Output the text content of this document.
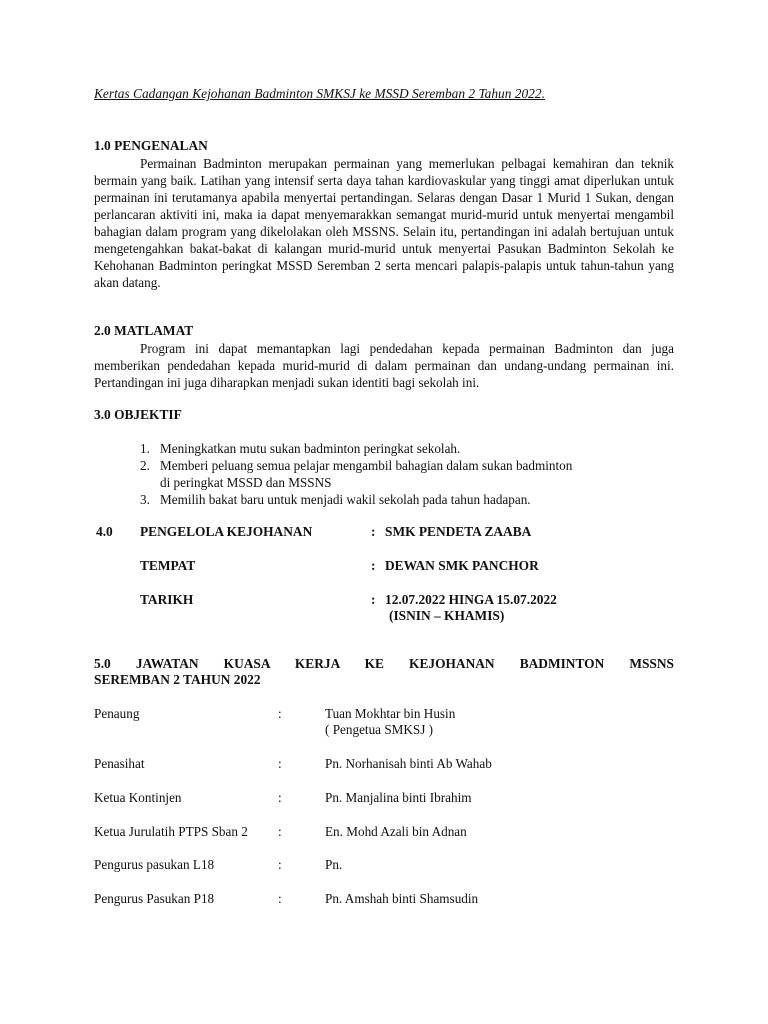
Kertas Cadangan Kejohanan Badminton SMKSJ ke MSSD Seremban 2 Tahun 2022.
1.0 PENGENALAN

Permainan Badminton merupakan permainan yang memerlukan pelbagai kemahiran dan teknik bermain yang baik. Latihan yang intensif serta daya tahan kardiovaskular yang tinggi amat diperlukan untuk permainan ini terutamanya apabila menyertai pertandingan. Selaras dengan Dasar 1 Murid 1 Sukan, dengan perlancaran aktiviti ini, maka ia dapat menyemarakkan semangat murid-murid untuk menyertai mengambil bahagian dalam program yang dikelolakan oleh MSSNS. Selain itu, pertandingan ini adalah bertujuan untuk mengetengahkan bakat-bakat di kalangan murid-murid untuk menyertai Pasukan Badminton Sekolah ke Kehohanan Badminton peringkat MSSD Seremban 2 serta mencari palapis-palapis untuk tahun-tahun yang akan datang.

2.0 MATLAMAT

Program ini dapat memantapkan lagi pendedahan kepada permainan Badminton dan juga memberikan pendedahan kepada murid-murid di dalam permainan dan undang-undang permainan ini. Pertandingan ini juga diharapkan menjadi sukan identiti bagi sekolah ini.

3.0 OBJEKTIF
1. Meningkatkan mutu sukan badminton peringkat sekolah.
2. Memberi peluang semua pelajar mengambil bahagian dalam sukan badminton
di peringkat MSSD dan MSSNS
3. Memilih bakat baru untuk menjadi wakil sekolah pada tahun hadapan.
4.0 PENGELOLA KEJOHANAN	: SMK PENDETA ZAABA
TEMPAT	: DEWAN SMK PANCHOR
TARIKH	: 12.07.2022 HINGA 15.07.2022
(ISNIN – KHAMIS)
5.0 JAWATAN KUASA KERJA KE KEJOHANAN BADMINTON MSSNS
SEREMBAN 2 TAHUN 2022
Penaung	:	Tuan Mokhtar bin Husin
( Pengetua SMKSJ )
Penasihat	:	Pn. Norhanisah binti Ab Wahab
Ketua Kontinjen	:	Pn. Manjalina binti Ibrahim
Ketua Jurulatih PTPS Sban 2 :	En. Mohd Azali bin Adnan
Pengurus pasukan L18	:	Pn.
Pengurus Pasukan P18	:	Pn. Amshah binti Shamsudin
